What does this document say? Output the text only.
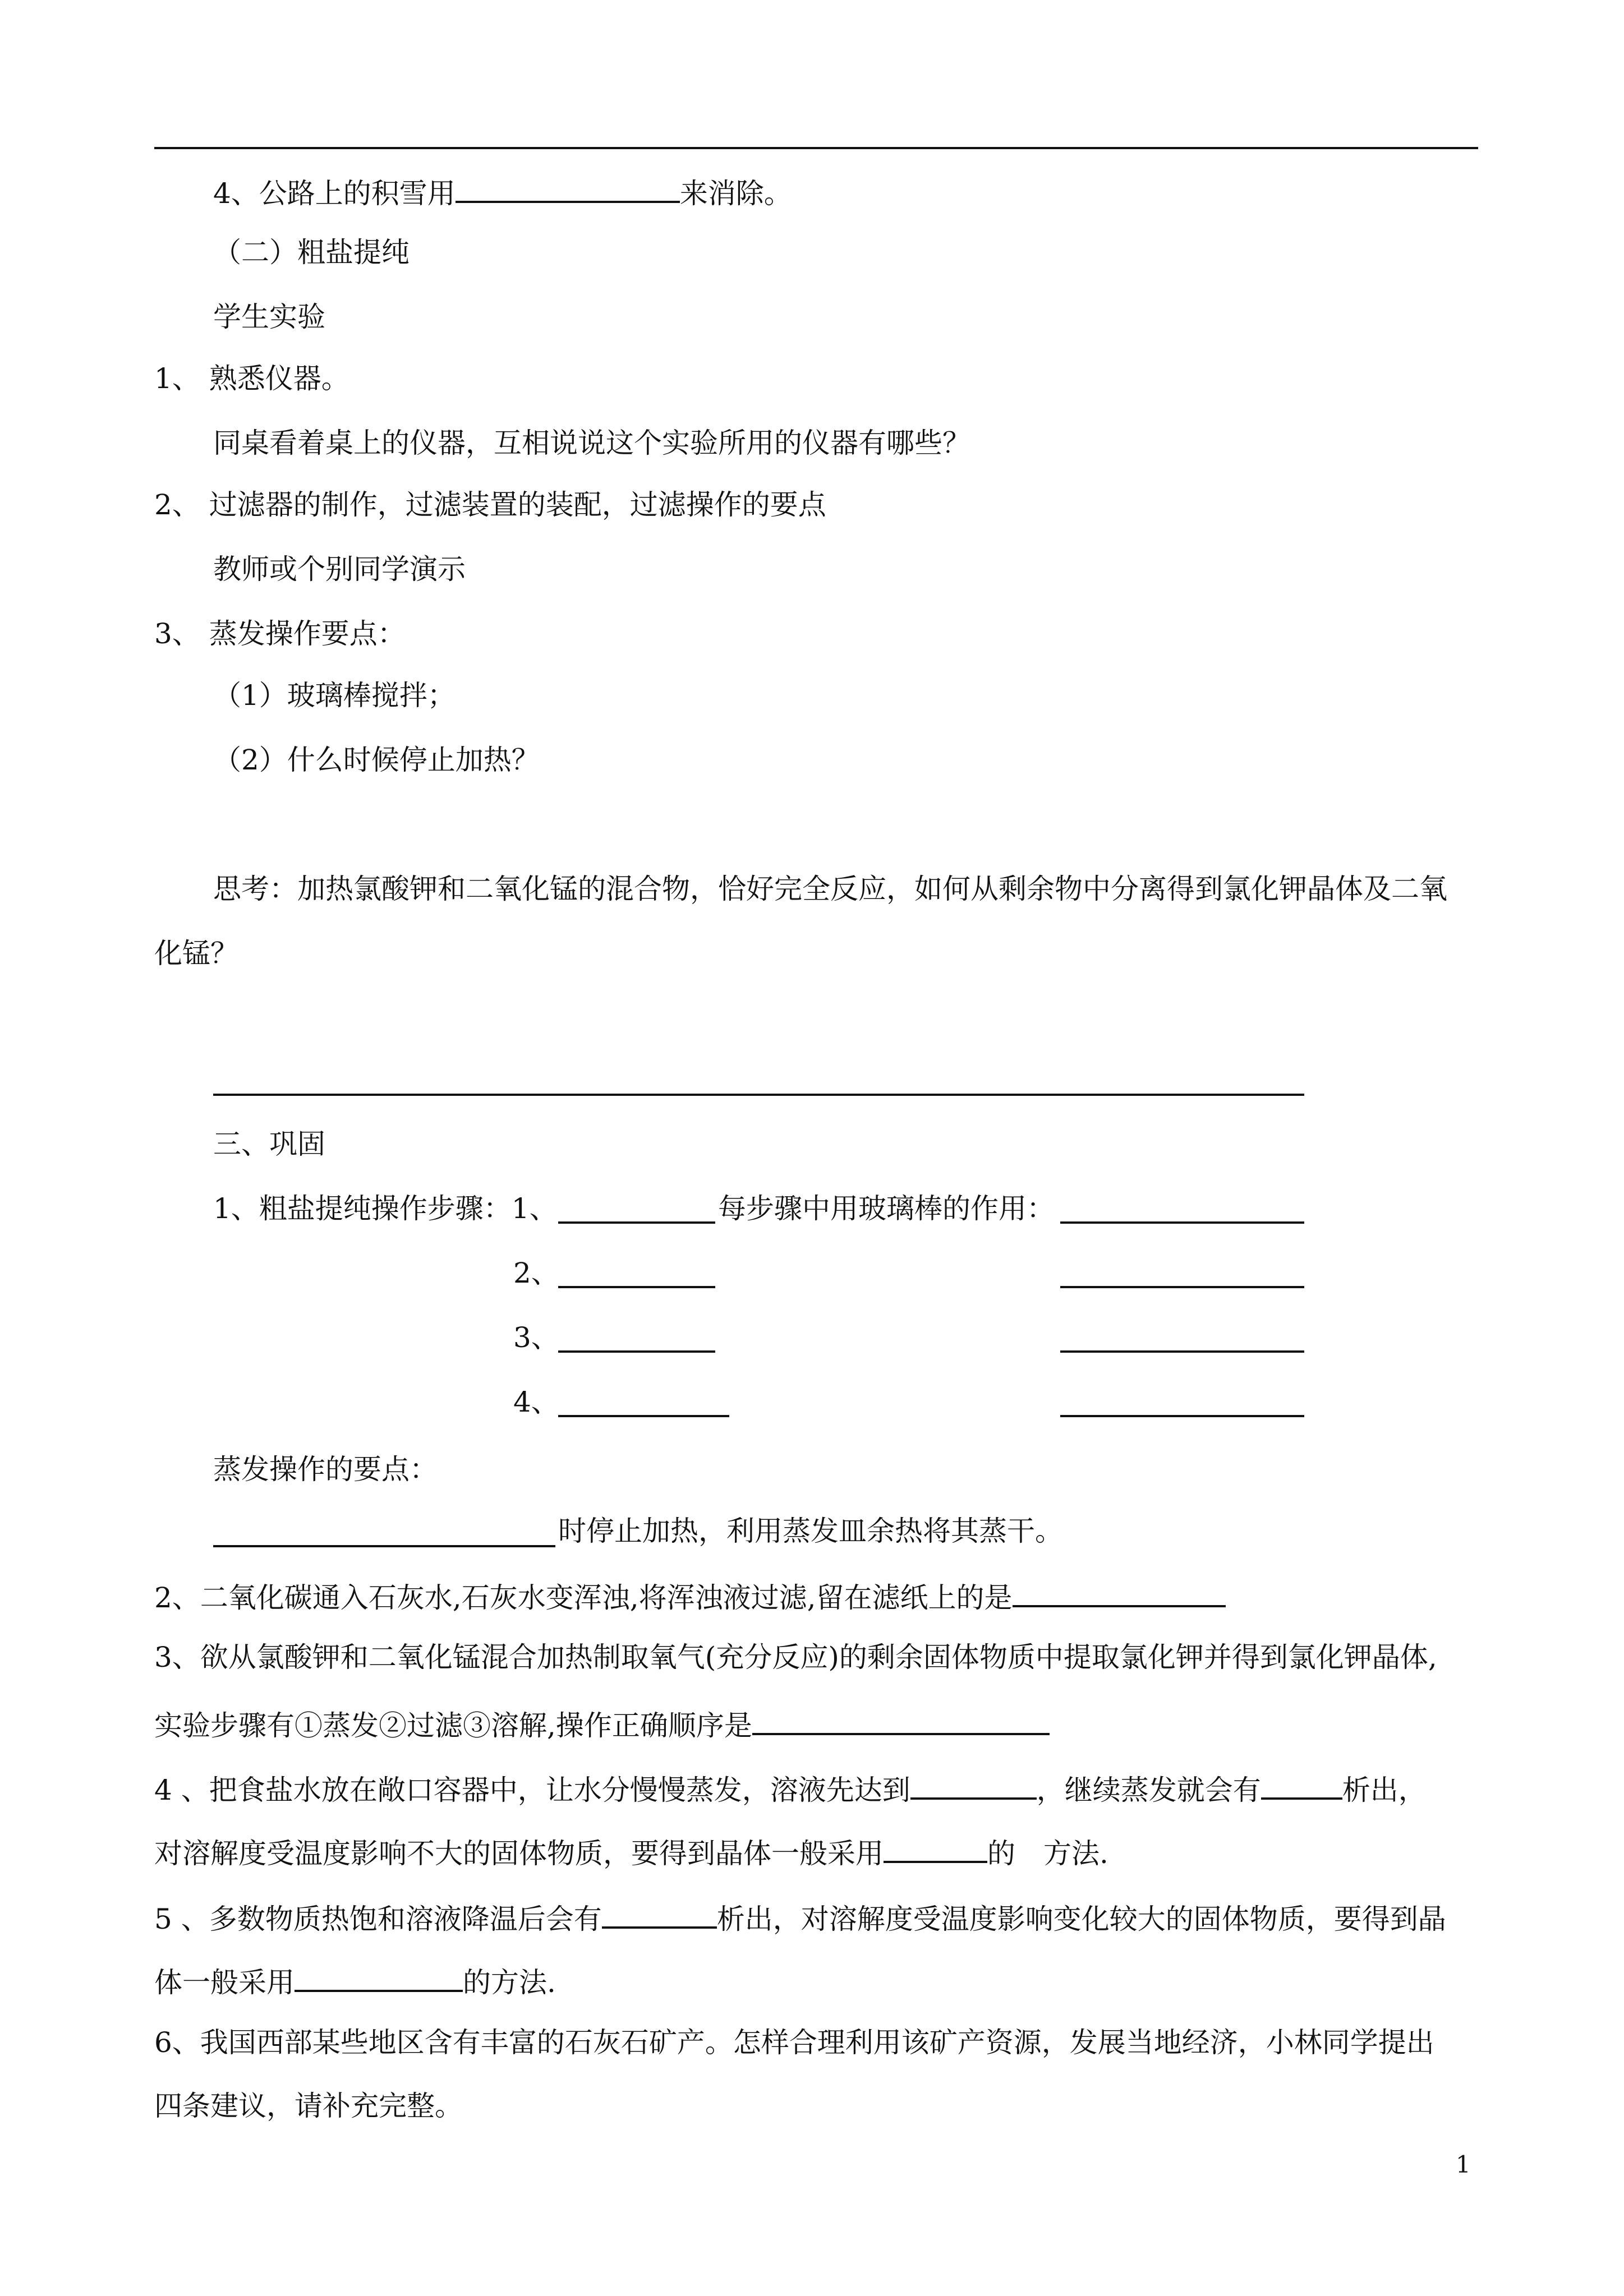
4、公路上的积雪用	来消除。
（二）粗盐提纯
学生实验
1、 熟悉仪器。
同桌看着桌上的仪器，互相说说这个实验所用的仪器有哪些？
2、 过滤器的制作，过滤装置的装配，过滤操作的要点
教师或个别同学演示
3、 蒸发操作要点：
（1）玻璃棒搅拌；
（2）什么时候停止加热？
思考：加热氯酸钾和二氧化锰的混合物，恰好完全反应，如何从剩余物中分离得到氯化钾晶体及二氧
化锰？
三、巩固
1、粗盐提纯操作步骤：1、	每步骤中用玻璃棒的作用：
2、
3、
4、
蒸发操作的要点：
时停止加热，利用蒸发皿余热将其蒸干。
2、二氧化碳通入石灰水,石灰水变浑浊,将浑浊液过滤,留在滤纸上的是
3、欲从氯酸钾和二氧化锰混合加热制取氧气(充分反应)的剩余固体物质中提取氯化钾并得到氯化钾晶体,
实验步骤有①蒸发②过滤③溶解,操作正确顺序是
4 、把食盐水放在敞口容器中，让水分慢慢蒸发，溶液先达到	，继续蒸发就会有	析出，
对溶解度受温度影响不大的固体物质，要得到晶体一般采用	的　方法.
5 、多数物质热饱和溶液降温后会有	析出，对溶解度受温度影响变化较大的固体物质，要得到晶
体一般采用	的方法.
6、我国西部某些地区含有丰富的石灰石矿产。怎样合理利用该矿产资源，发展当地经济，小林同学提出
四条建议，请补充完整。
1
